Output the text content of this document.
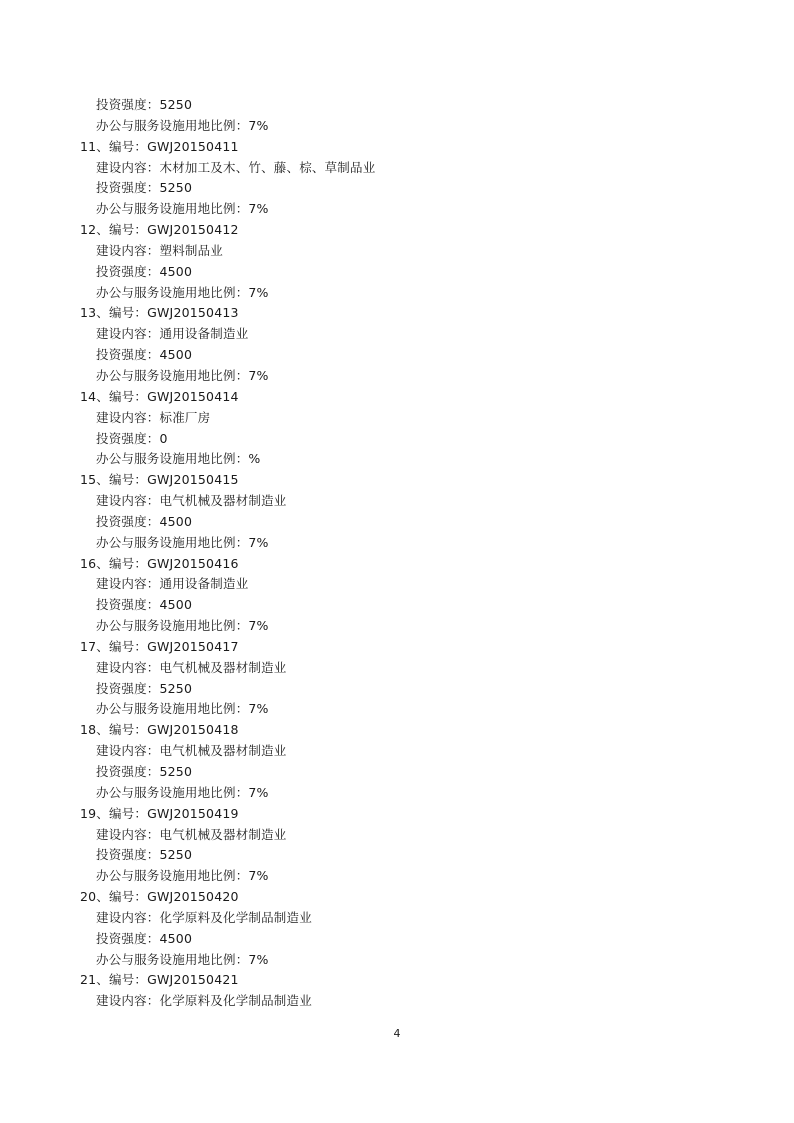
投资强度：5250
办公与服务设施用地比例：7%
11、编号：GWJ20150411
建设内容：木材加工及木、竹、藤、棕、草制品业
投资强度：5250
办公与服务设施用地比例：7%
12、编号：GWJ20150412
建设内容：塑料制品业
投资强度：4500
办公与服务设施用地比例：7%
13、编号：GWJ20150413
建设内容：通用设备制造业
投资强度：4500
办公与服务设施用地比例：7%
14、编号：GWJ20150414
建设内容：标准厂房
投资强度：0
办公与服务设施用地比例：%
15、编号：GWJ20150415
建设内容：电气机械及器材制造业
投资强度：4500
办公与服务设施用地比例：7%
16、编号：GWJ20150416
建设内容：通用设备制造业
投资强度：4500
办公与服务设施用地比例：7%
17、编号：GWJ20150417
建设内容：电气机械及器材制造业
投资强度：5250
办公与服务设施用地比例：7%
18、编号：GWJ20150418
建设内容：电气机械及器材制造业
投资强度：5250
办公与服务设施用地比例：7%
19、编号：GWJ20150419
建设内容：电气机械及器材制造业
投资强度：5250
办公与服务设施用地比例：7%
20、编号：GWJ20150420
建设内容：化学原料及化学制品制造业
投资强度：4500
办公与服务设施用地比例：7%
21、编号：GWJ20150421
建设内容：化学原料及化学制品制造业
4
